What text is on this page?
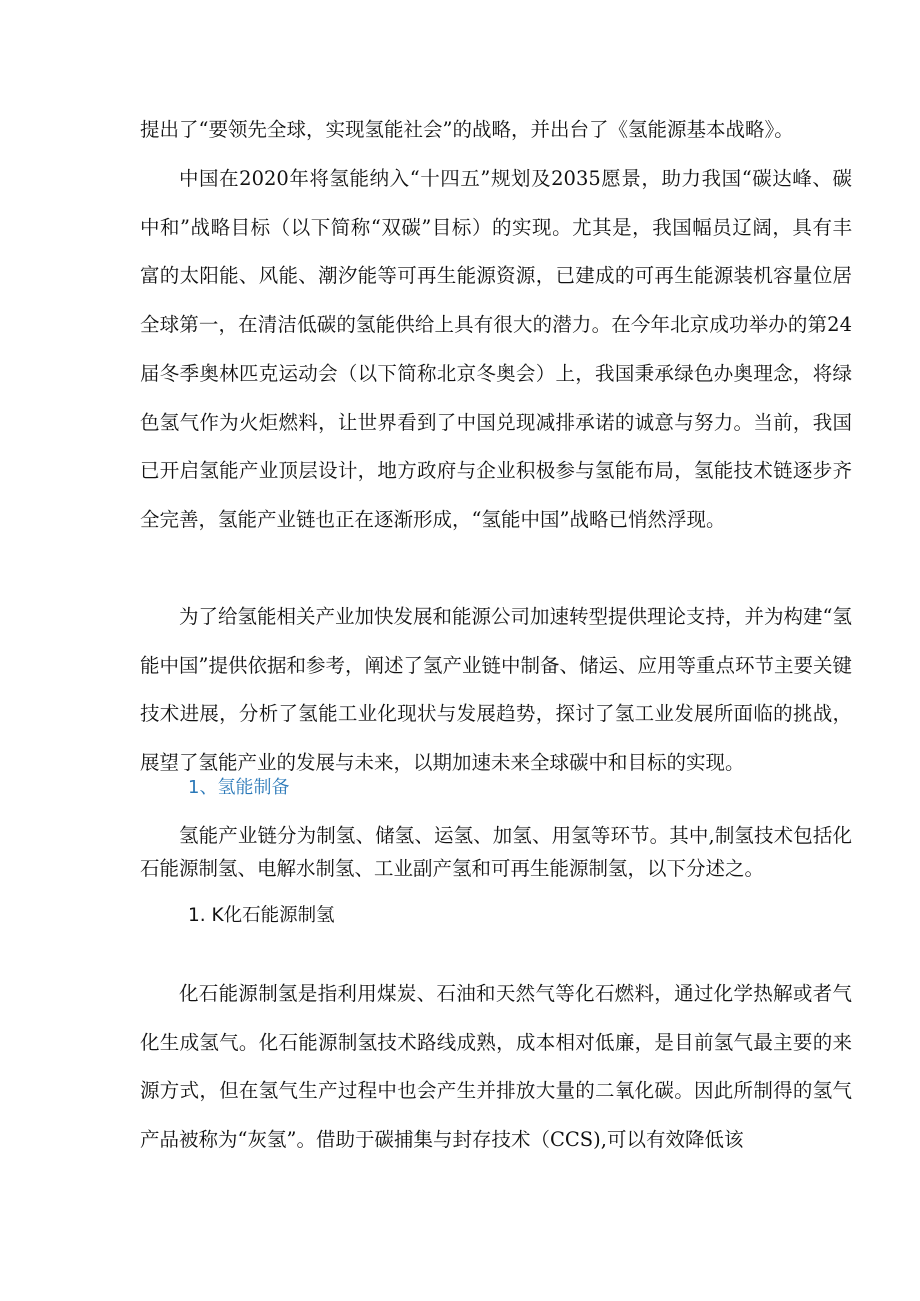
提出了“要领先全球，实现氢能社会”的战略，并出台了《氢能源基本战略》。

中国在2020年将氢能纳入“十四五”规划及2035愿景，助力我国“碳达峰、碳中和”战略目标（以下简称“双碳”目标）的实现。尤其是，我国幅员辽阔，具有丰富的太阳能、风能、潮汐能等可再生能源资源，已建成的可再生能源装机容量位居全球第一，在清洁低碳的氢能供给上具有很大的潜力。在今年北京成功举办的第24届冬季奥林匹克运动会（以下简称北京冬奥会）上，我国秉承绿色办奥理念，将绿色氢气作为火炬燃料，让世界看到了中国兑现减排承诺的诚意与努力。当前，我国已开启氢能产业顶层设计，地方政府与企业积极参与氢能布局，氢能技术链逐步齐全完善，氢能产业链也正在逐渐形成，“氢能中国”战略已悄然浮现。

为了给氢能相关产业加快发展和能源公司加速转型提供理论支持，并为构建“氢能中国”提供依据和参考，阐述了氢产业链中制备、储运、应用等重点环节主要关键技术进展，分析了氢能工业化现状与发展趋势，探讨了氢工业发展所面临的挑战，展望了氢能产业的发展与未来，以期加速未来全球碳中和目标的实现。

1、氢能制备

氢能产业链分为制氢、储氢、运氢、加氢、用氢等环节。其中,制氢技术包括化石能源制氢、电解水制氢、工业副产氢和可再生能源制氢，以下分述之。

1. K化石能源制氢

化石能源制氢是指利用煤炭、石油和天然气等化石燃料，通过化学热解或者气化生成氢气。化石能源制氢技术路线成熟，成本相对低廉，是目前氢气最主要的来源方式，但在氢气生产过程中也会产生并排放大量的二氧化碳。因此所制得的氢气产品被称为“灰氢”。借助于碳捕集与封存技术（CCS),可以有效降低该
